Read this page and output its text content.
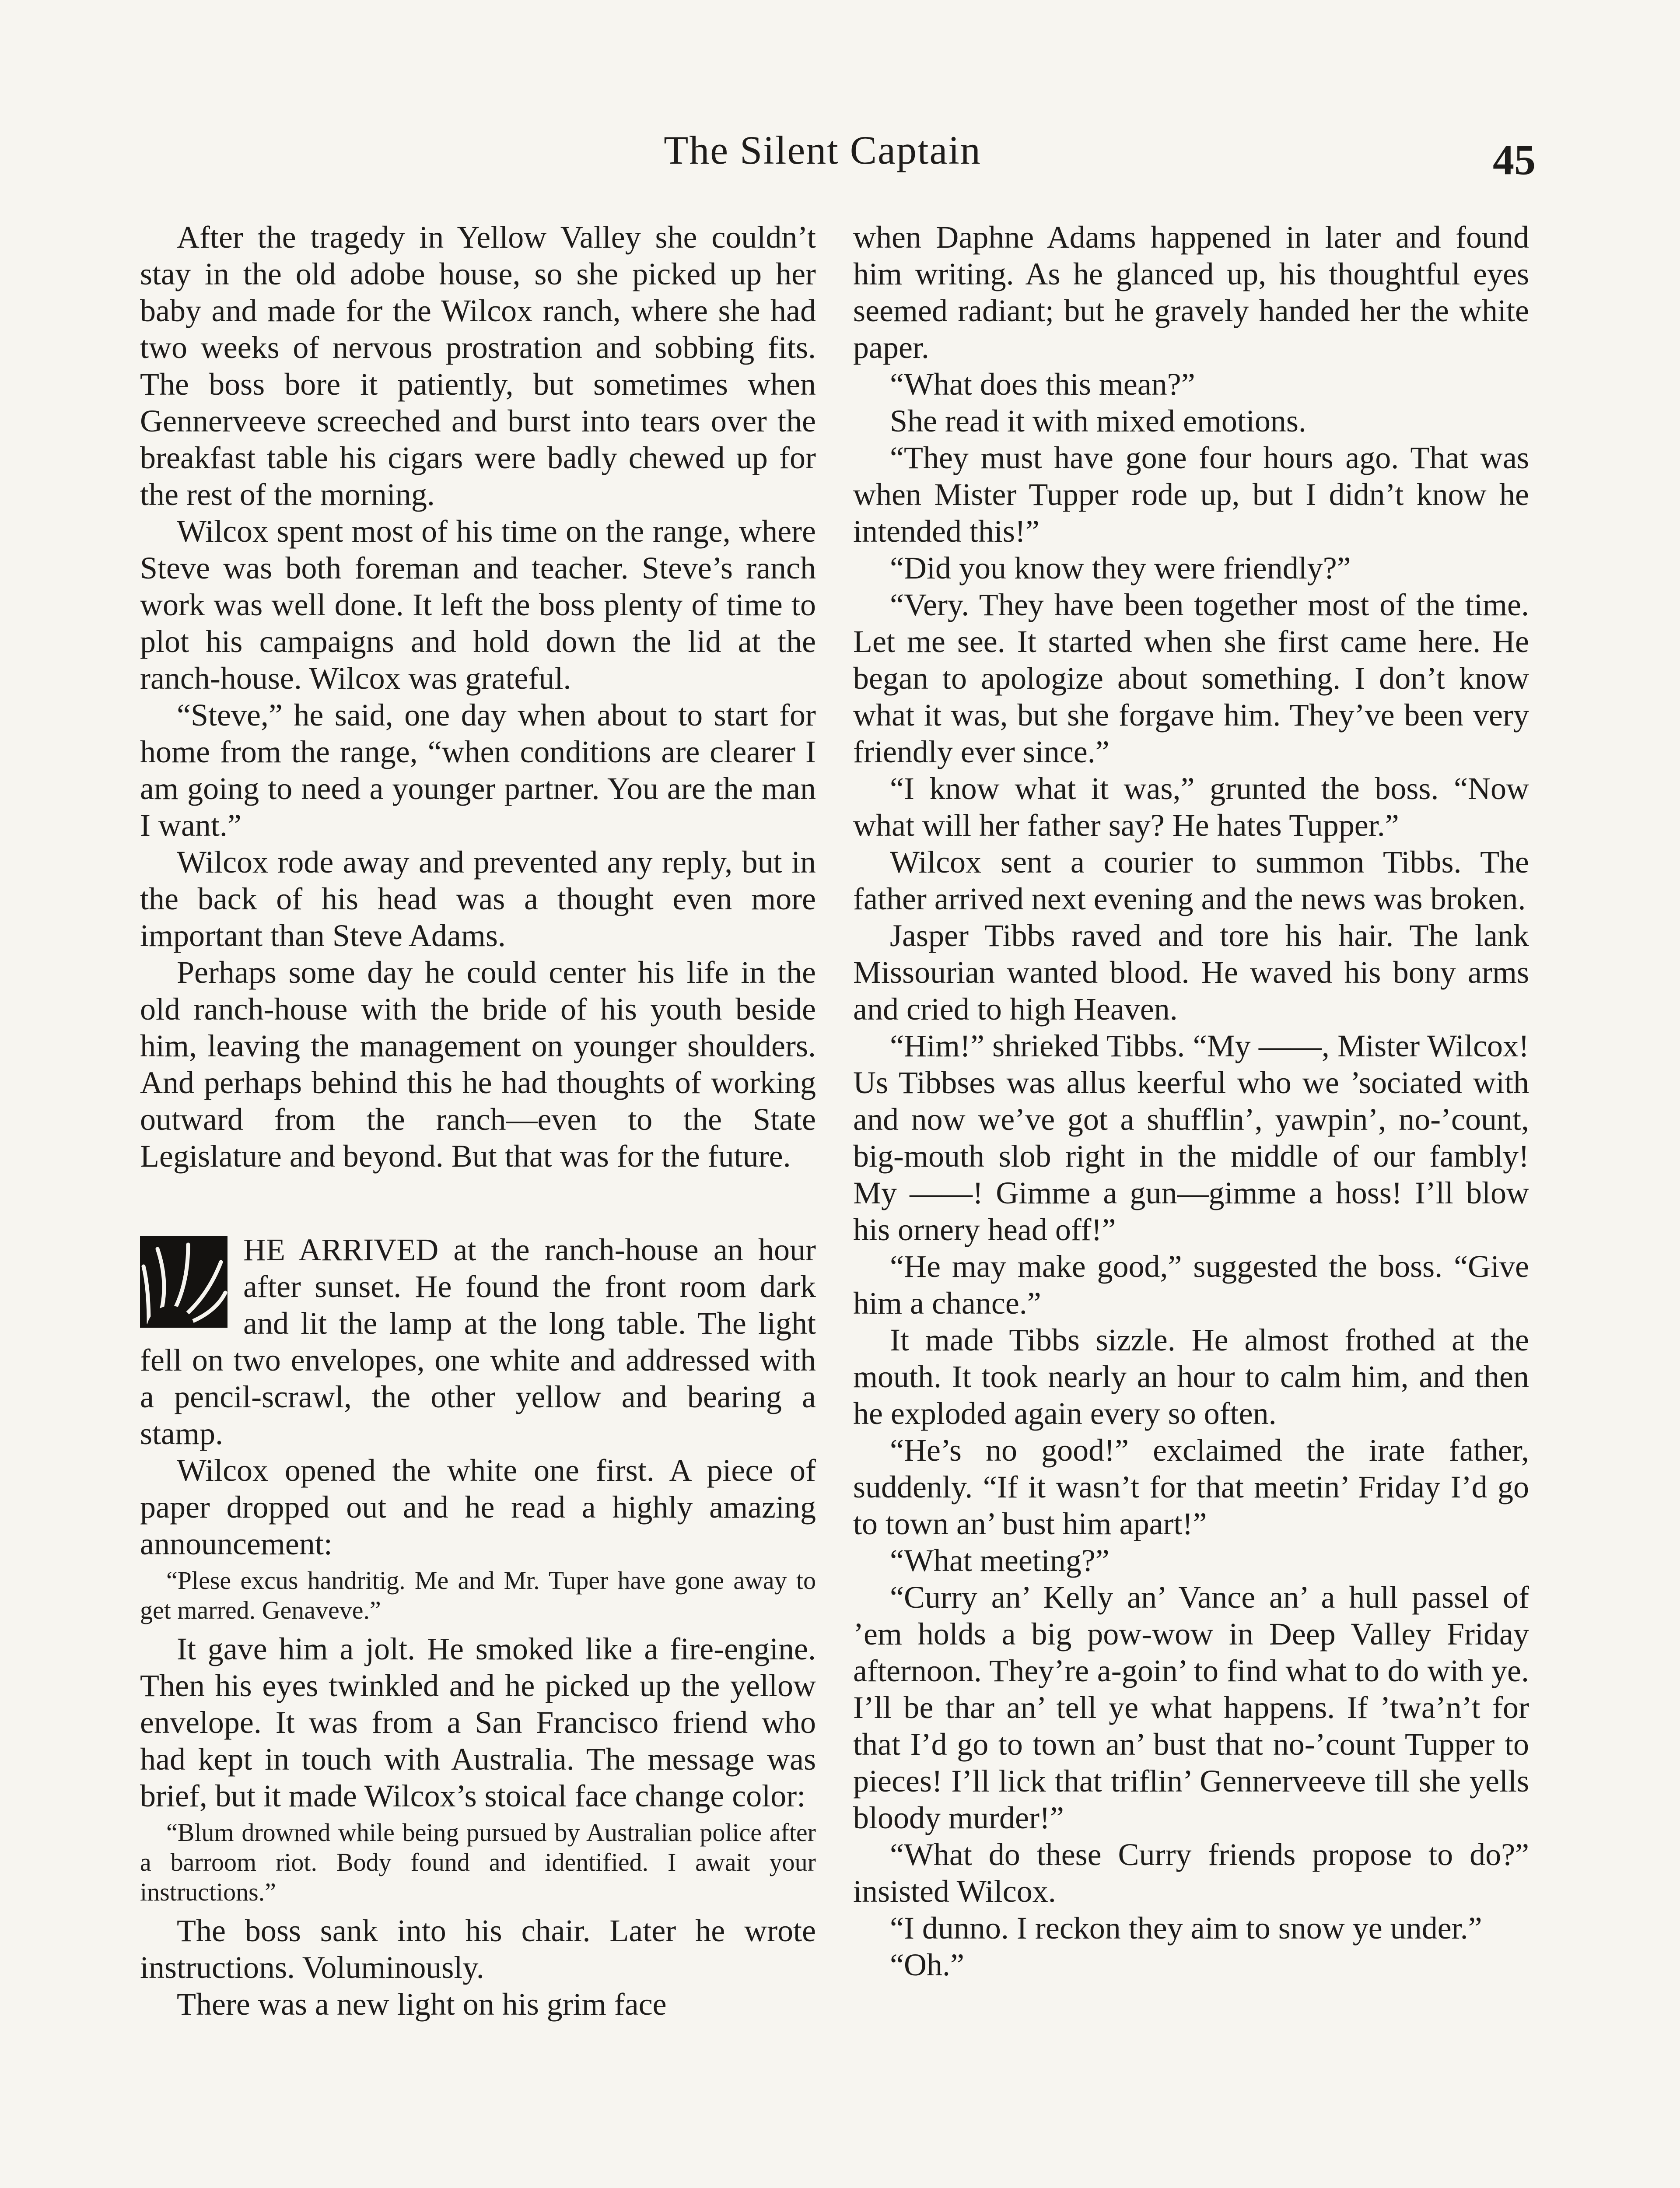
The Silent Captain	45

After the tragedy in Yellow Valley she couldn’t stay in the old adobe house, so she picked up her baby and made for the Wilcox ranch, where she had two weeks of nervous prostration and sobbing fits. The boss bore it patiently, but sometimes when Gennerveeve screeched and burst into tears over the breakfast table his cigars were badly chewed up for the rest of the morning.

Wilcox spent most of his time on the range, where Steve was both foreman and teacher. Steve’s ranch work was well done. It left the boss plenty of time to plot his campaigns and hold down the lid at the ranch-house. Wilcox was grateful.

“Steve,” he said, one day when about to start for home from the range, “when conditions are clearer I am going to need a younger partner. You are the man I want.”

Wilcox rode away and prevented any reply, but in the back of his head was a thought even more important than Steve Adams.

Perhaps some day he could center his life in the old ranch-house with the bride of his youth beside him, leaving the management on younger shoulders. And perhaps behind this he had thoughts of working outward from the ranch—even to the State Legislature and beyond. But that was for the future.

HE ARRIVED at the ranch-house an hour after sunset. He found the front room dark and lit the lamp at the long table. The light fell on two envelopes, one white and addressed with a pencil-scrawl, the other yellow and bearing a stamp.

Wilcox opened the white one first. A piece of paper dropped out and he read a highly amazing announcement:

“Plese excus handritig. Me and Mr. Tuper have gone away to get marred. Genaveve.”

It gave him a jolt. He smoked like a fire-engine. Then his eyes twinkled and he picked up the yellow envelope. It was from a San Francisco friend who had kept in touch with Australia. The message was brief, but it made Wilcox’s stoical face change color:

“Blum drowned while being pursued by Australian police after a barroom riot. Body found and identified. I await your instructions.”

The boss sank into his chair. Later he wrote instructions. Voluminously.

There was a new light on his grim face

when Daphne Adams happened in later and found him writing. As he glanced up, his thoughtful eyes seemed radiant; but he gravely handed her the white paper.

“What does this mean?”

She read it with mixed emotions.

“They must have gone four hours ago. That was when Mister Tupper rode up, but I didn’t know he intended this!”

“Did you know they were friendly?”

“Very. They have been together most of the time. Let me see. It started when she first came here. He began to apologize about something. I don’t know what it was, but she forgave him. They’ve been very friendly ever since.”

“I know what it was,” grunted the boss. “Now what will her father say? He hates Tupper.”

Wilcox sent a courier to summon Tibbs. The father arrived next evening and the news was broken.

Jasper Tibbs raved and tore his hair. The lank Missourian wanted blood. He waved his bony arms and cried to high Heaven.

“Him!” shrieked Tibbs. “My ——, Mister Wilcox! Us Tibbses was allus keerful who we ’sociated with and now we’ve got a shufflin’, yawpin’, no-’count, big-mouth slob right in the middle of our fambly! My ——! Gimme a gun—gimme a hoss! I’ll blow his ornery head off!”

“He may make good,” suggested the boss. “Give him a chance.”

It made Tibbs sizzle. He almost frothed at the mouth. It took nearly an hour to calm him, and then he exploded again every so often.

“He’s no good!” exclaimed the irate father, suddenly. “If it wasn’t for that meetin’ Friday I’d go to town an’ bust him apart!”

“What meeting?”

“Curry an’ Kelly an’ Vance an’ a hull passel of ’em holds a big pow-wow in Deep Valley Friday afternoon. They’re a-goin’ to find what to do with ye. I’ll be thar an’ tell ye what happens. If ’twa’n’t for that I’d go to town an’ bust that no-’count Tupper to pieces! I’ll lick that triflin’ Gennerveeve till she yells bloody murder!”

“What do these Curry friends propose to do?” insisted Wilcox.

“I dunno. I reckon they aim to snow ye under.”

“Oh.”
